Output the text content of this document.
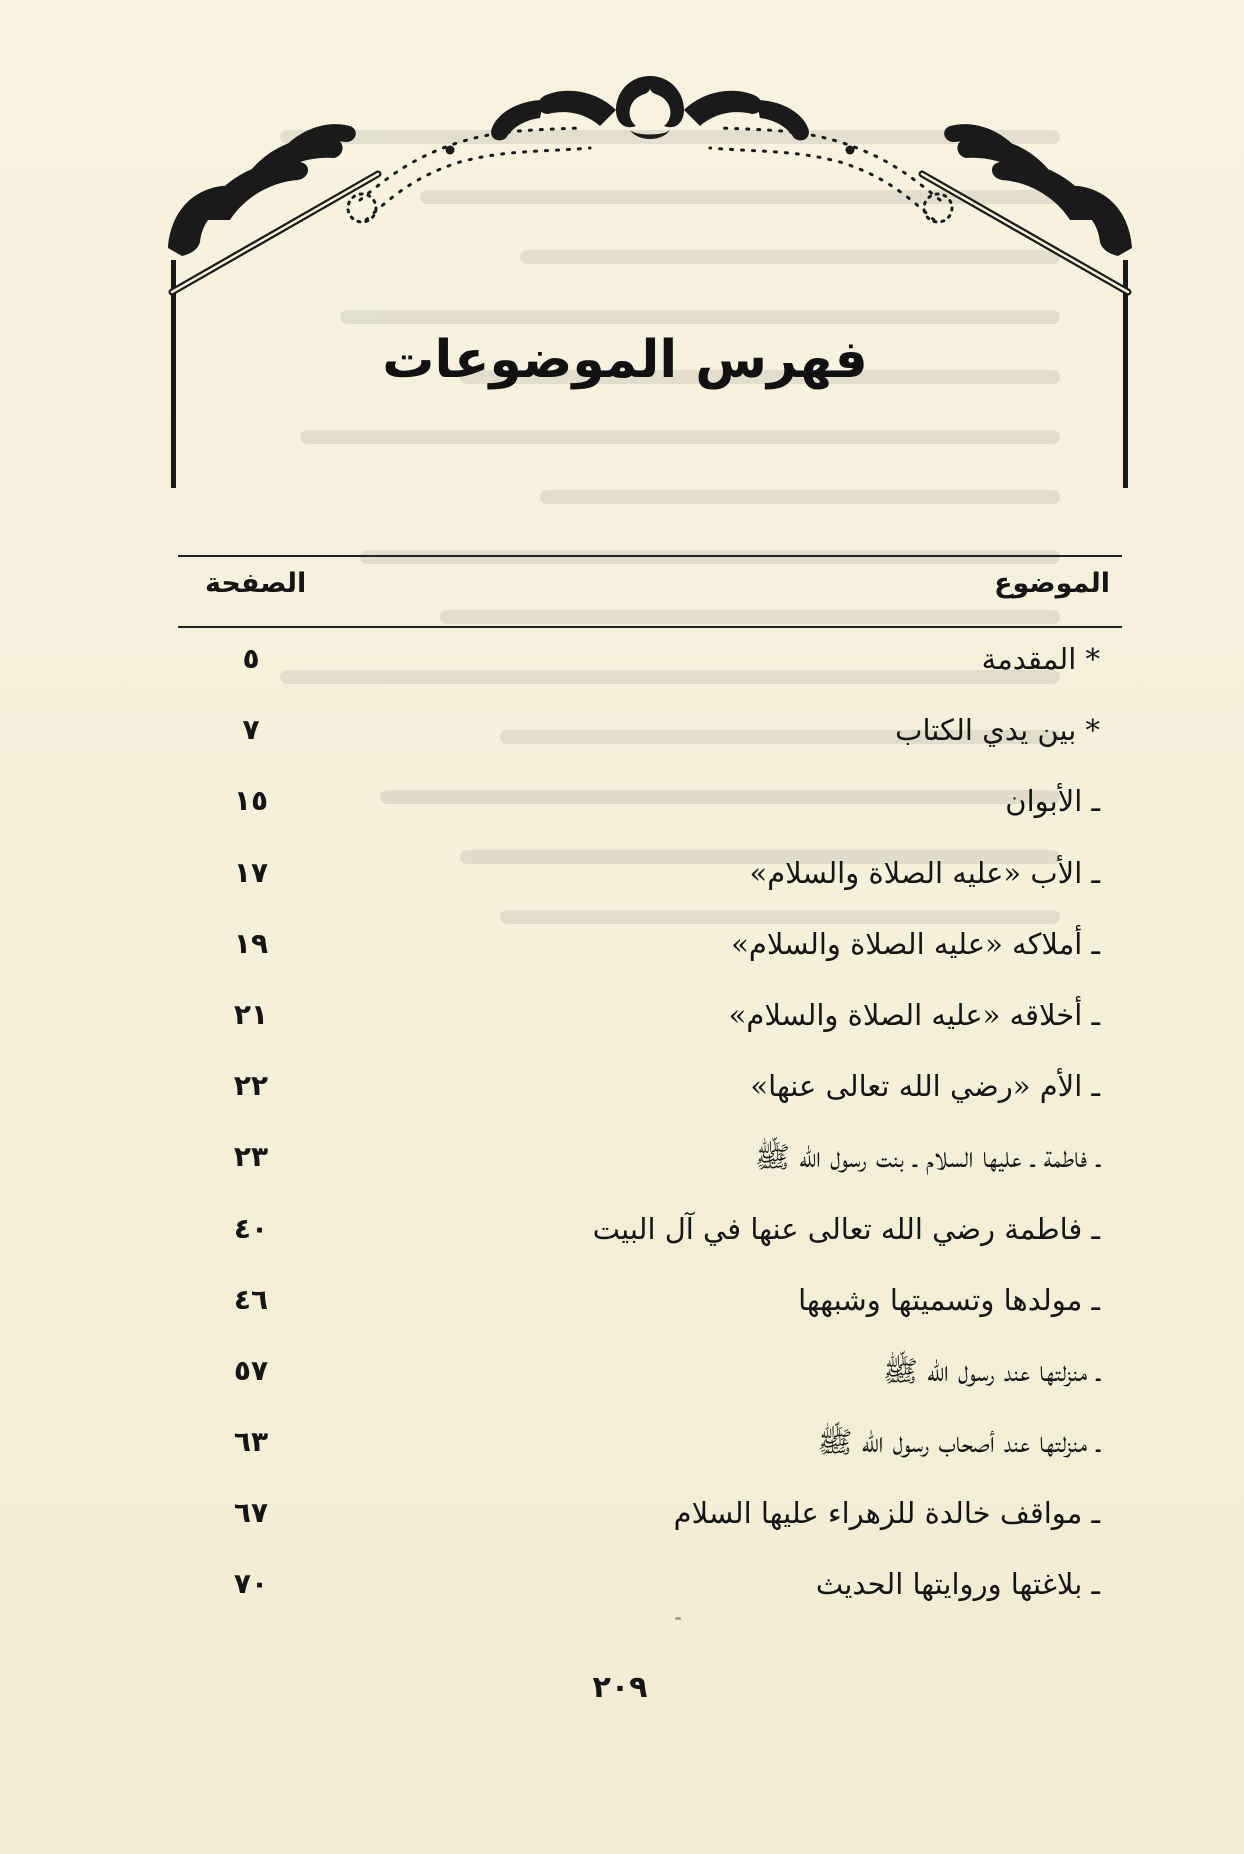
فهرس الموضوعات
الموضوع
الصفحة
* المقدمة
٥
* بين يدي الكتاب
٧
ـ الأبوان
١٥
ـ الأب «عليه الصلاة والسلام»
١٧
ـ أملاكه «عليه الصلاة والسلام»
١٩
ـ أخلاقه «عليه الصلاة والسلام»
٢١
ـ الأم «رضي الله تعالى عنها»
٢٢
ـ فاطمة ـ عليها السلام ـ بنت رسول الله ﷺ
٢٣
ـ فاطمة رضي الله تعالى عنها في آل البيت
٤٠
ـ مولدها وتسميتها وشبهها
٤٦
ـ منزلتها عند رسول الله ﷺ
٥٧
ـ منزلتها عند أصحاب رسول الله ﷺ
٦٣
ـ مواقف خالدة للزهراء عليها السلام
٦٧
ـ بلاغتها وروايتها الحديث
٧٠
٢٠٩
